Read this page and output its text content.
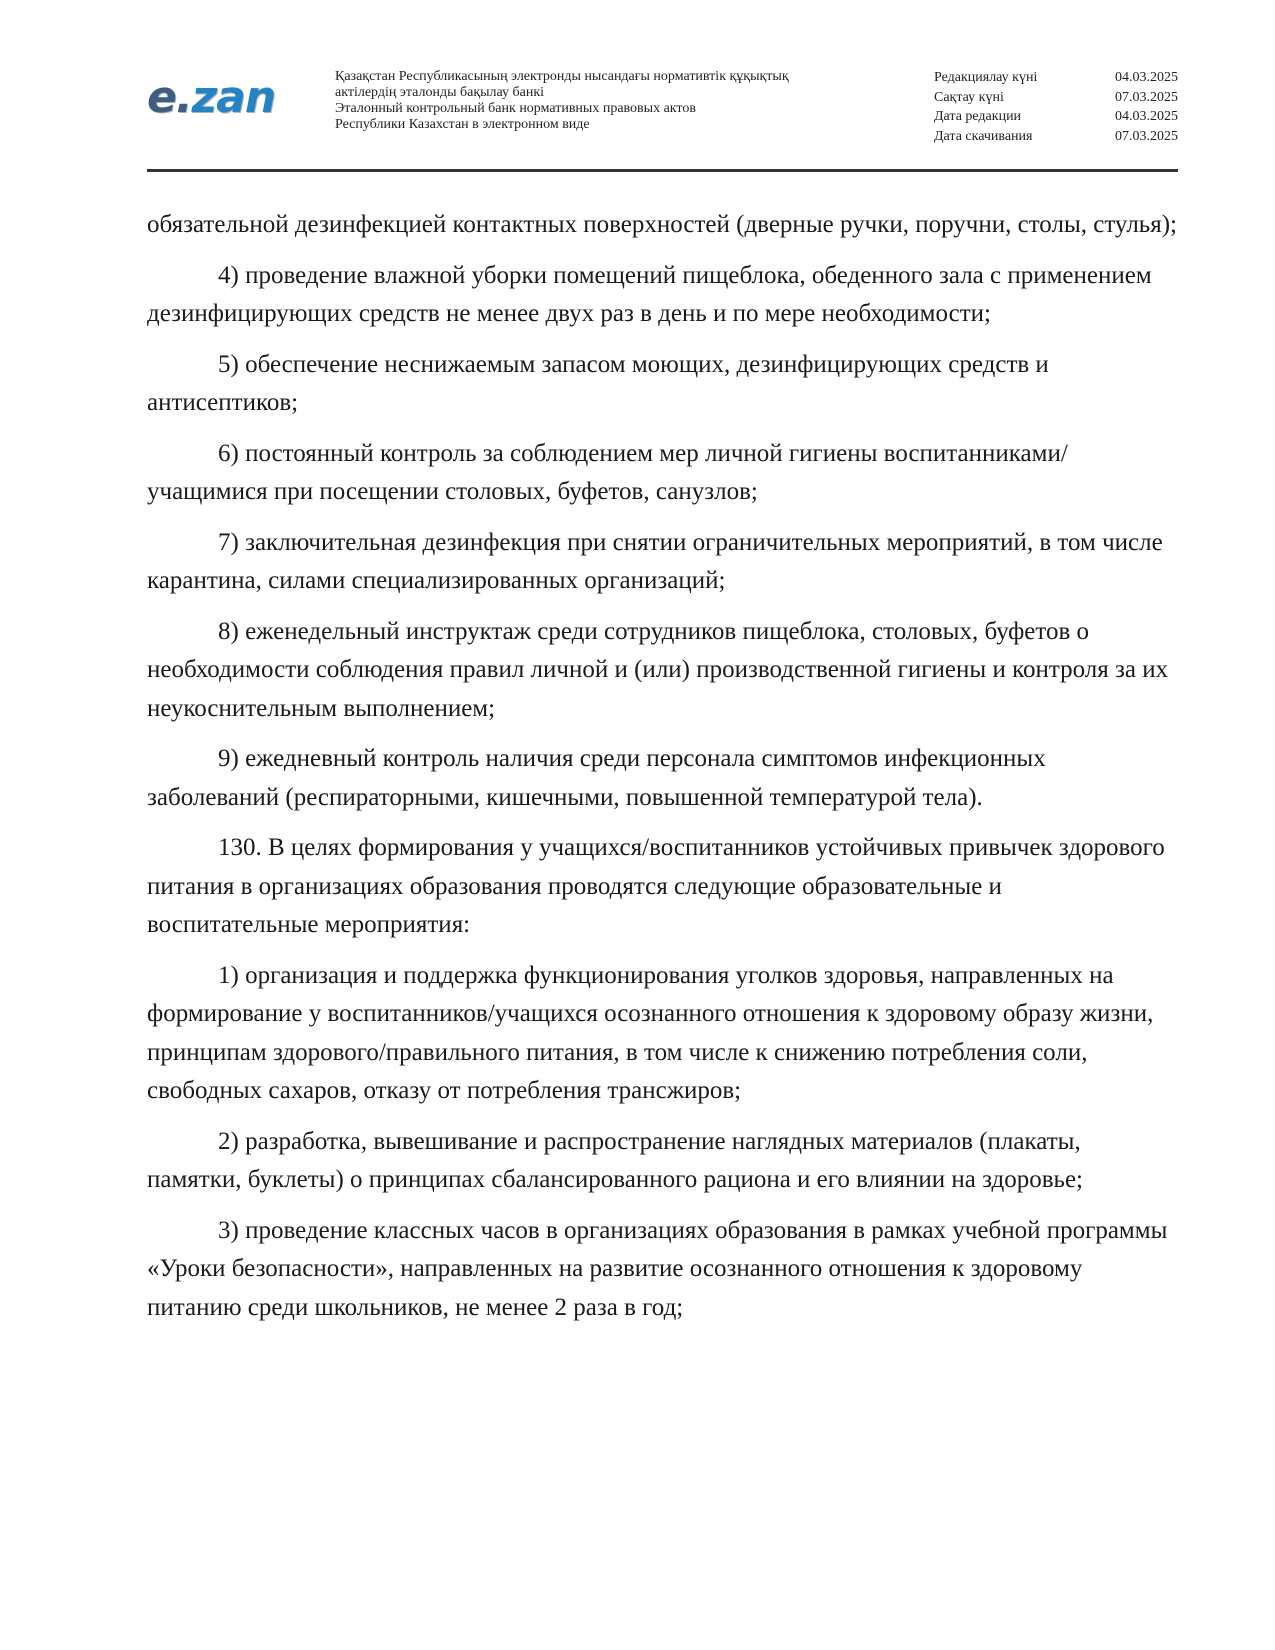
e.zan	Қазақстан Республикасының электронды нысандағы нормативтік құқықтық
актілердің эталонды бақылау банкі
Эталонный контрольный банк нормативных правовых актов
Республики Казахстан в электронном виде
Редакциялау күні	04.03.2025
Сақтау күні	07.03.2025
Дата редакции	04.03.2025
Дата скачивания	07.03.2025

обязательной дезинфекцией контактных поверхностей (дверные ручки, поручни, столы, стулья);

4) проведение влажной уборки помещений пищеблока, обеденного зала с применением дезинфицирующих средств не менее двух раз в день и по мере необходимости;

5) обеспечение неснижаемым запасом моющих, дезинфицирующих средств и антисептиков;

6) постоянный контроль за соблюдением мер личной гигиены воспитанниками/учащимися при посещении столовых, буфетов, санузлов;

7) заключительная дезинфекция при снятии ограничительных мероприятий, в том числе карантина, силами специализированных организаций;

8) еженедельный инструктаж среди сотрудников пищеблока, столовых, буфетов о необходимости соблюдения правил личной и (или) производственной гигиены и контроля за их неукоснительным выполнением;

9) ежедневный контроль наличия среди персонала симптомов инфекционных заболеваний (респираторными, кишечными, повышенной температурой тела).

130. В целях формирования у учащихся/воспитанников устойчивых привычек здорового питания в организациях образования проводятся следующие образовательные и воспитательные мероприятия:

1) организация и поддержка функционирования уголков здоровья, направленных на формирование у воспитанников/учащихся осознанного отношения к здоровому образу жизни, принципам здорового/правильного питания, в том числе к снижению потребления соли, свободных сахаров, отказу от потребления трансжиров;

2) разработка, вывешивание и распространение наглядных материалов (плакаты, памятки, буклеты) о принципах сбалансированного рациона и его влиянии на здоровье;

3) проведение классных часов в организациях образования в рамках учебной программы «Уроки безопасности», направленных на развитие осознанного отношения к здоровому питанию среди школьников, не менее 2 раза в год;
